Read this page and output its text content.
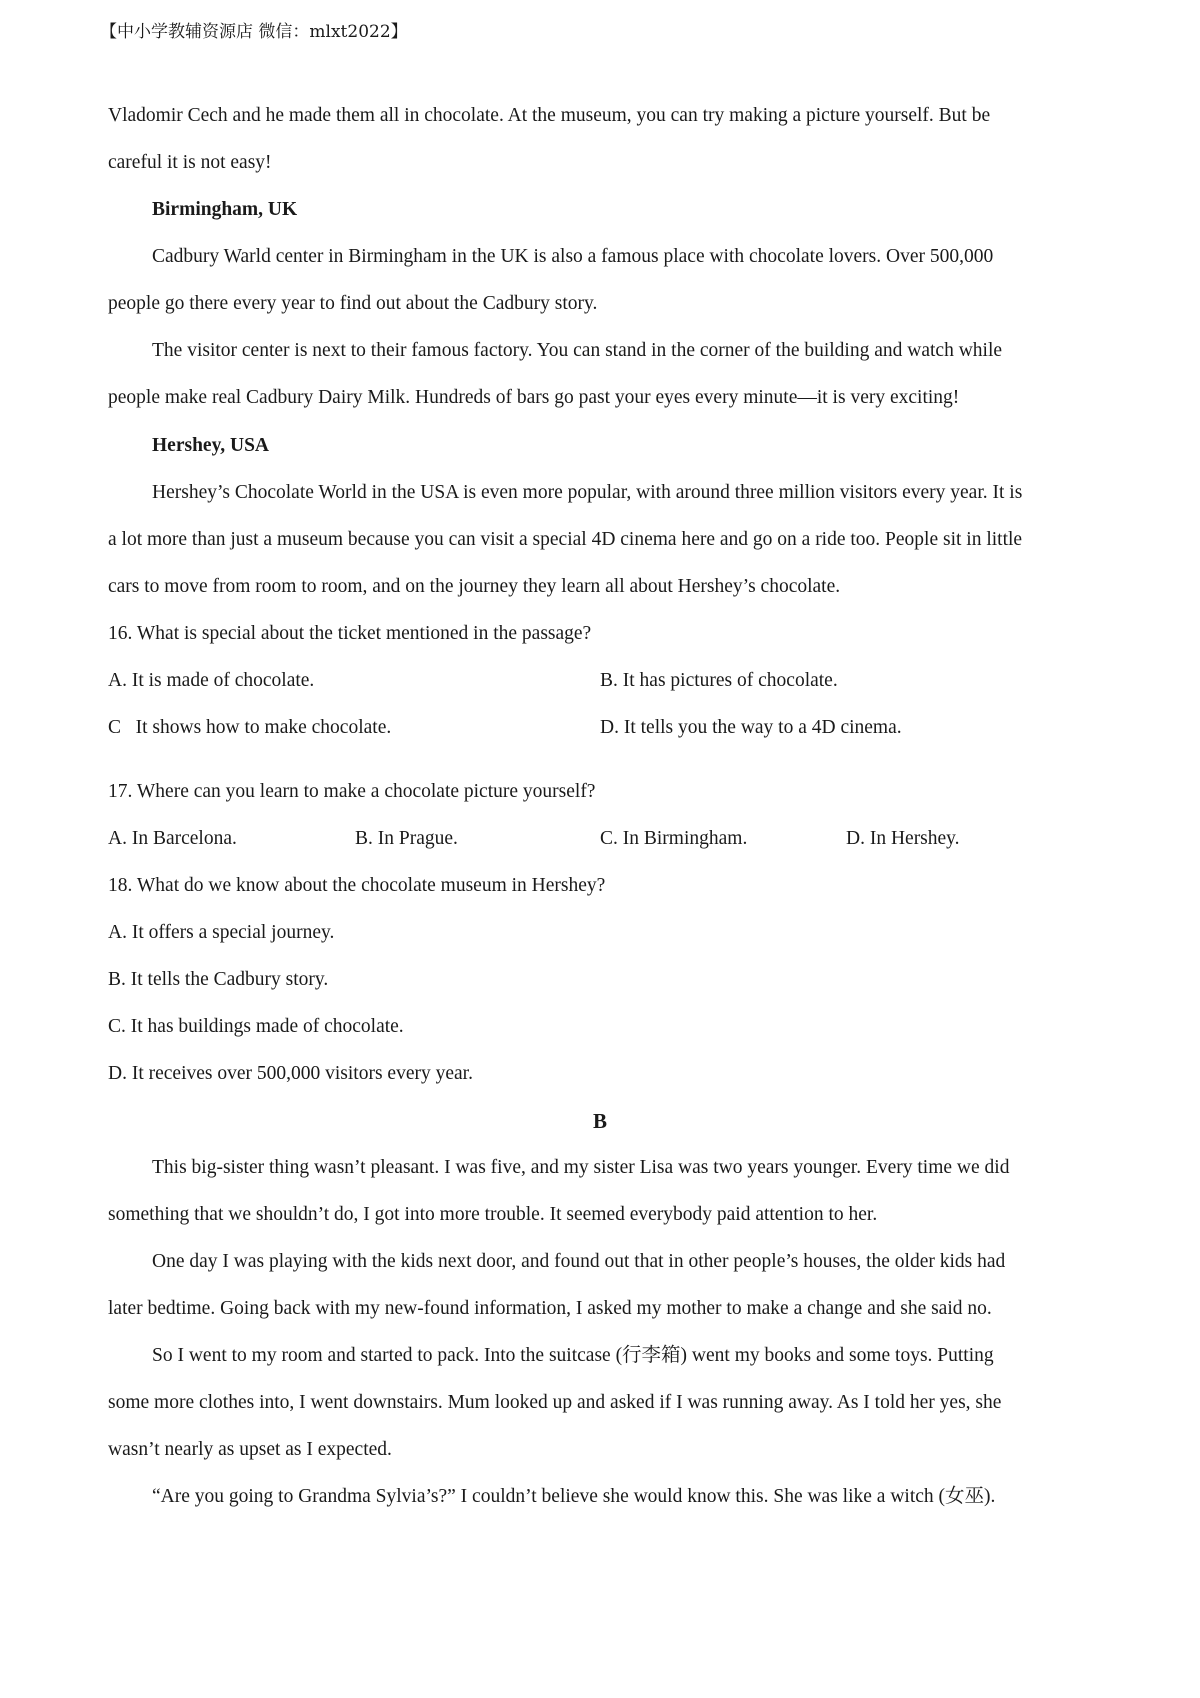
【中小学教辅资源店 微信：mlxt2022】
Vladomir Cech and he made them all in chocolate. At the museum, you can try making a picture yourself. But be
careful it is not easy!
Birmingham, UK
Cadbury Warld center in Birmingham in the UK is also a famous place with chocolate lovers. Over 500,000
people go there every year to find out about the Cadbury story.
The visitor center is next to their famous factory. You can stand in the corner of the building and watch while
people make real Cadbury Dairy Milk. Hundreds of bars go past your eyes every minute—it is very exciting!
Hershey, USA
Hershey’s Chocolate World in the USA is even more popular, with around three million visitors every year. It is
a lot more than just a museum because you can visit a special 4D cinema here and go on a ride too. People sit in little
cars to move from room to room, and on the journey they learn all about Hershey’s chocolate.
16. What is special about the ticket mentioned in the passage?
A. It is made of chocolate.	B. It has pictures of chocolate.
C   It shows how to make chocolate.	D. It tells you the way to a 4D cinema.
17. Where can you learn to make a chocolate picture yourself?
A. In Barcelona.	B. In Prague.	C. In Birmingham.	D. In Hershey.
18. What do we know about the chocolate museum in Hershey?
A. It offers a special journey.
B. It tells the Cadbury story.
C. It has buildings made of chocolate.
D. It receives over 500,000 visitors every year.
B
This big-sister thing wasn’t pleasant. I was five, and my sister Lisa was two years younger. Every time we did
something that we shouldn’t do, I got into more trouble. It seemed everybody paid attention to her.
One day I was playing with the kids next door, and found out that in other people’s houses, the older kids had
later bedtime. Going back with my new-found information, I asked my mother to make a change and she said no.
So I went to my room and started to pack. Into the suitcase (行李箱) went my books and some toys. Putting
some more clothes into, I went downstairs. Mum looked up and asked if I was running away. As I told her yes, she
wasn’t nearly as upset as I expected.
“Are you going to Grandma Sylvia’s?” I couldn’t believe she would know this. She was like a witch (女巫).
